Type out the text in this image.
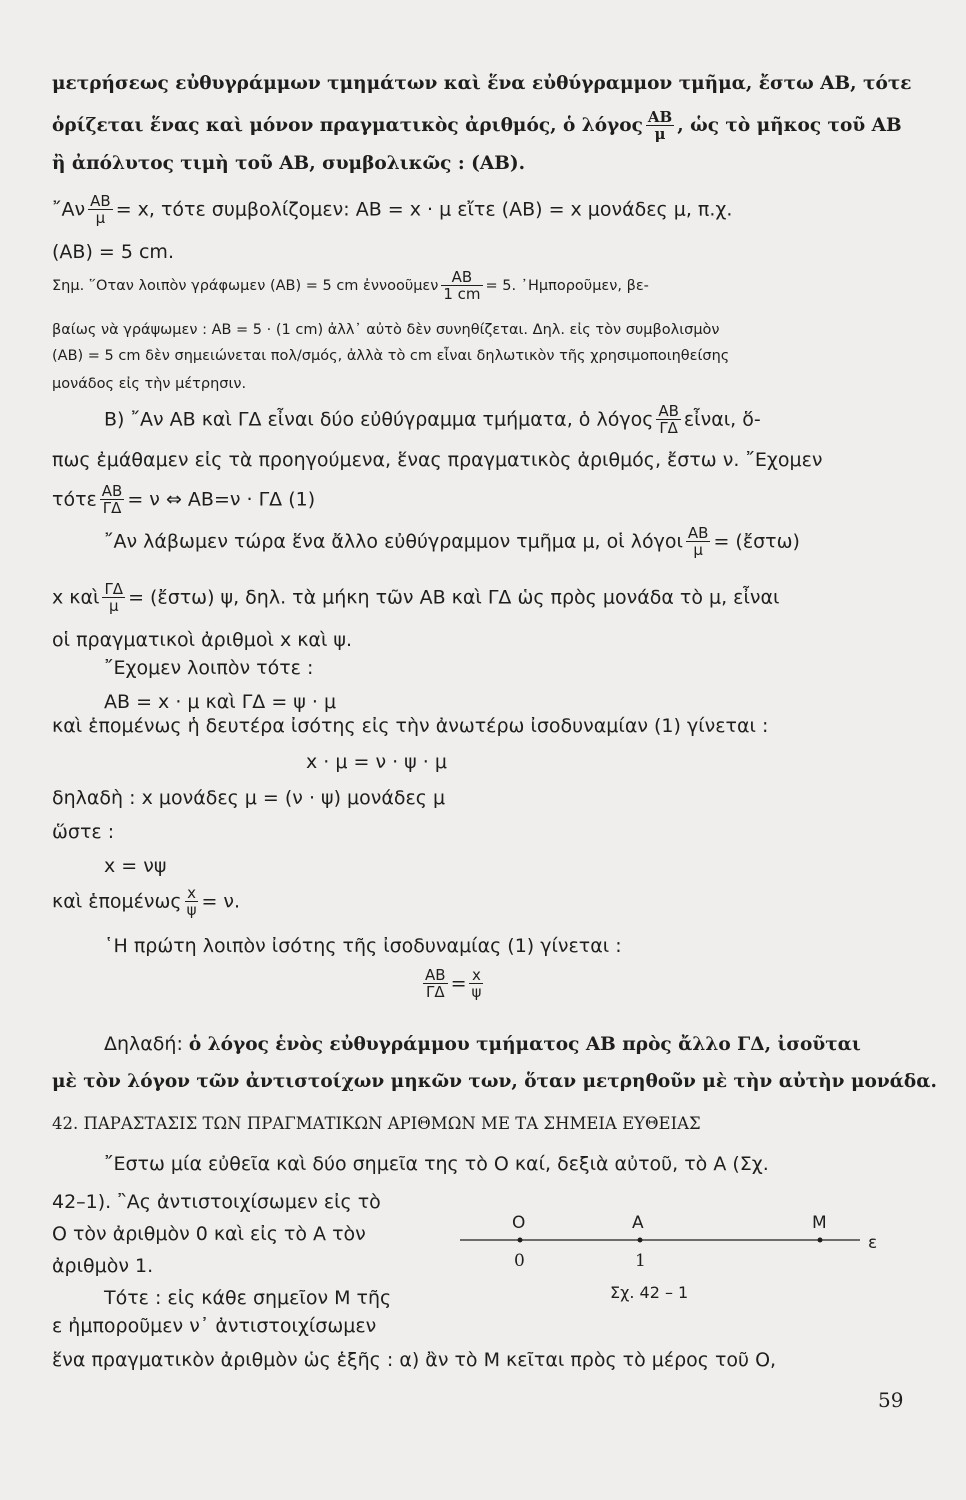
μετρήσεως εὐθυγράμμων τμημάτων καὶ ἕνα εὐθύγραμμον τμῆμα, ἔστω ΑΒ, τότε
ὁρίζεται ἕνας καὶ μόνον πραγματικὸς ἀριθμός, ὁ λόγος $\frac{AB}{\mu}$ , ὡς τὸ μῆκος τοῦ ΑΒ
ἢ ἀπόλυτος τιμὴ τοῦ ΑΒ, συμβολικῶς : (ΑΒ).
῎Αν $\frac{AB}{\mu} = x$, τότε συμβολίζομεν: ΑΒ = x · μ εἴτε (ΑΒ) = x μονάδες μ, π.χ.
(ΑΒ) = 5 cm.
Σημ. ῞Οταν λοιπὸν γράφωμεν (ΑΒ) = 5 cm ἐννοοῦμεν $\frac{AB}{1 cm} = 5$. ᾿Ημποροῦμεν, βε-
βαίως νὰ γράψωμεν : ΑΒ = 5 · (1 cm) ἀλλ᾿ αὐτὸ δὲν συνηθίζεται. Δηλ. εἰς τὸν συμβολισμὸν
(ΑΒ) = 5 cm δὲν σημειώνεται πολ/σμός, ἀλλὰ τὸ cm εἶναι δηλωτικὸν τῆς χρησιμοποιηθείσης
μονάδος εἰς τὴν μέτρησιν.
Β) ῎Αν ΑΒ καὶ ΓΔ εἶναι δύο εὐθύγραμμα τμήματα, ὁ λόγος $\frac{AB}{\Gamma\Delta}$ εἶναι, ὅ-
πως ἐμάθαμεν εἰς τὰ προηγούμενα, ἕνας πραγματικὸς ἀριθμός, ἔστω ν. ῎Εχομεν
τότε $\frac{AB}{\Gamma\Delta} = \nu$ ⇔ ΑΒ=ν · ΓΔ (1)
῎Αν λάβωμεν τώρα ἕνα ἄλλο εὐθύγραμμον τμῆμα μ, οἱ λόγοι $\frac{AB}{\mu}$ = (ἔστω)
x καὶ $\frac{\Gamma\Delta}{\mu}$ = (ἔστω) ψ, δηλ. τὰ μήκη τῶν ΑΒ καὶ ΓΔ ὡς πρὸς μονάδα τὸ μ, εἶναι
οἱ πραγματικοὶ ἀριθμοὶ x καὶ ψ.
῎Εχομεν λοιπὸν τότε :
ΑΒ = x · μ καὶ ΓΔ = ψ · μ
καὶ ἑπομένως ἡ δευτέρα ἰσότης εἰς τὴν ἀνωτέρω ἰσοδυναμίαν (1) γίνεται :
x · μ = ν · ψ · μ
δηλαδὴ : x μονάδες μ = (ν · ψ) μονάδες μ
ὥστε :
x = νψ
καὶ ἑπομένως $\frac{x}{\psi} = \nu$.
῾Η πρώτη λοιπὸν ἰσότης τῆς ἰσοδυναμίας (1) γίνεται :
$\frac{AB}{\Gamma\Delta} = \frac{x}{\psi}$
Δηλαδή: ὁ λόγος ἑνὸς εὐθυγράμμου τμήματος ΑΒ πρὸς ἄλλο ΓΔ, ἰσοῦται
μὲ τὸν λόγον τῶν ἀντιστοίχων μηκῶν των, ὅταν μετρηθοῦν μὲ τὴν αὐτὴν μονάδα.
42. ΠΑΡΑΣΤΑΣΙΣ ΤΩΝ ΠΡΑΓΜΑΤΙΚΩΝ ΑΡΙΘΜΩΝ ΜΕ ΤΑ ΣΗΜΕΙΑ ΕΥΘΕΙΑΣ
῎Εστω μία εὐθεῖα καὶ δύο σημεῖα της τὸ Ο καί, δεξιὰ αὐτοῦ, τὸ Α (Σχ.
42–1). ῍Ας ἀντιστοιχίσωμεν εἰς τὸ
Ο τὸν ἀριθμὸν 0 καὶ εἰς τὸ Α τὸν
ἀριθμὸν 1.
Τότε : εἰς κάθε σημεῖον Μ τῆς
ε ἠμποροῦμεν ν᾿ ἀντιστοιχίσωμεν
ἕνα πραγματικὸν ἀριθμὸν ὡς ἑξῆς : α) ἂν τὸ Μ κεῖται πρὸς τὸ μέρος τοῦ Ο,
Ο	Α	Μ
ε
0	1
Σχ. 42 – 1
59
